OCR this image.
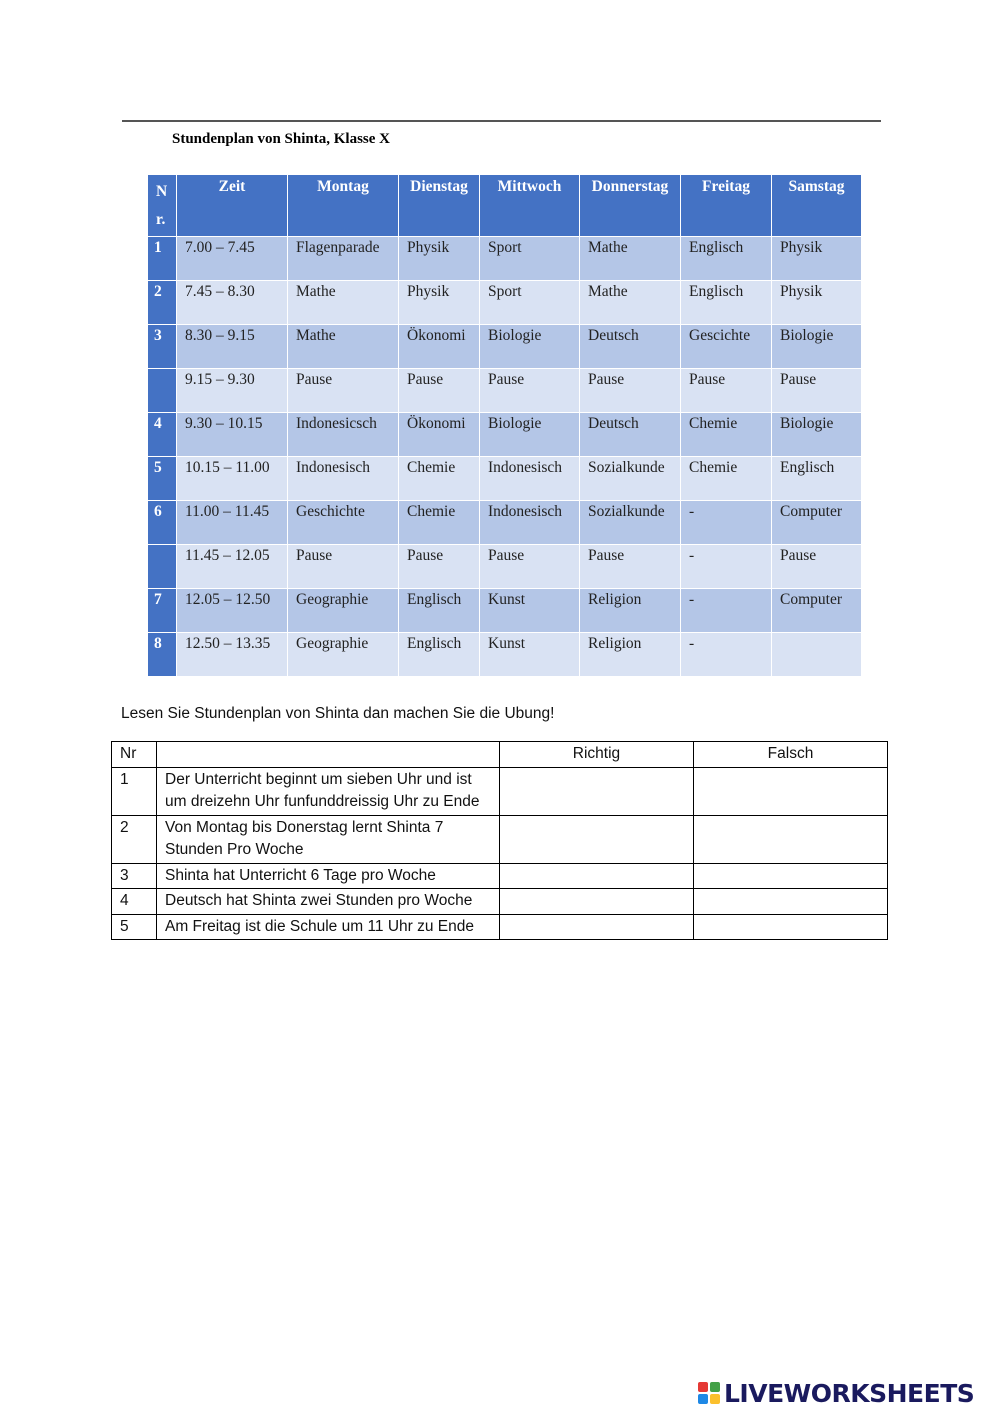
Stundenplan von Shinta, Klasse X
N r.	Zeit	Montag	Dienstag	Mittwoch	Donnerstag	Freitag	Samstag
1	7.00 – 7.45	Flagenparade	Physik	Sport	Mathe	Englisch	Physik
2	7.45 – 8.30	Mathe	Physik	Sport	Mathe	Englisch	Physik
3	8.30 – 9.15	Mathe	Ökonomi	Biologie	Deutsch	Gescichte	Biologie
	9.15 – 9.30	Pause	Pause	Pause	Pause	Pause	Pause
4	9.30 – 10.15	Indonesicsch	Ökonomi	Biologie	Deutsch	Chemie	Biologie
5	10.15 – 11.00	Indonesisch	Chemie	Indonesisch	Sozialkunde	Chemie	Englisch
6	11.00 – 11.45	Geschichte	Chemie	Indonesisch	Sozialkunde	-	Computer
	11.45 – 12.05	Pause	Pause	Pause	Pause	-	Pause
7	12.05 – 12.50	Geographie	Englisch	Kunst	Religion	-	Computer
8	12.50 – 13.35	Geographie	Englisch	Kunst	Religion	-	
Lesen Sie Stundenplan von Shinta dan machen Sie die Ubung!
Nr		Richtig	Falsch
1	Der Unterricht beginnt um sieben Uhr und ist um dreizehn Uhr funfunddreissig Uhr zu Ende		
2	Von Montag bis Donerstag lernt Shinta 7 Stunden Pro Woche		
3	Shinta hat Unterricht 6 Tage pro Woche		
4	Deutsch hat Shinta zwei Stunden pro Woche		
5	Am Freitag ist die Schule um 11 Uhr zu Ende		
LIVEWORKSHEETS
